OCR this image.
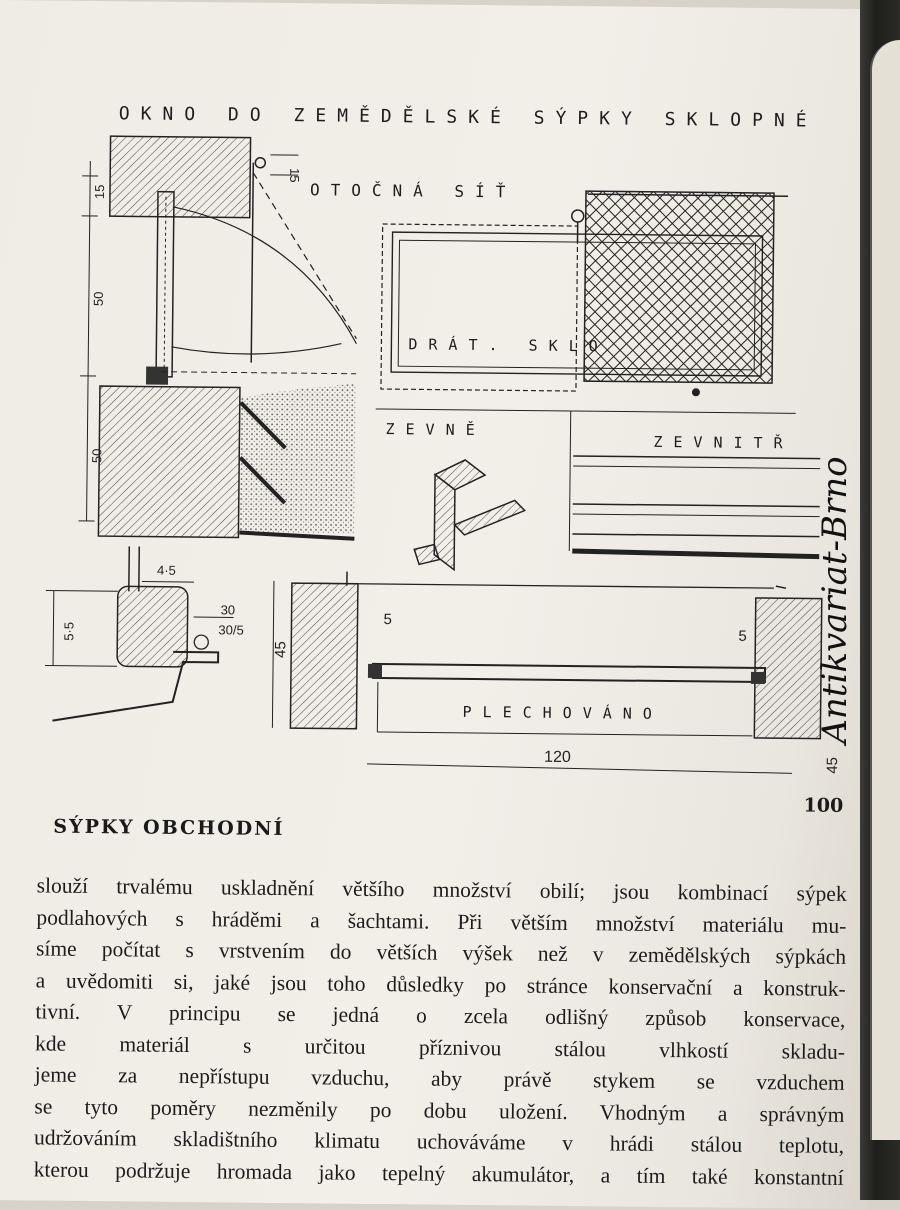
OKNO DO ZEMĚDĚLSKÉ SÝPKY SKLOPNÉ
15
50
50
15
OTOČNÁ SÍŤ
DRÁT. SKLO
ZEVNĚ
ZEVNITŘ
5·5
4·5
30
30/5
45
5
5
PLECHOVÁNO
120	45
100
SÝPKY OBCHODNÍ
slouží trvalému uskladnění většího množství obilí; jsou kombinací sýpek
podlahových s hráděmi a šachtami. Při větším množství materiálu mu-
síme počítat s vrstvením do větších výšek než v zemědělských sýpkách
a uvědomiti si, jaké jsou toho důsledky po stránce konservační a konstruk-
tivní. V principu se jedná o zcela odlišný způsob konservace,
kde materiál s určitou příznivou stálou vlhkostí skladu-
jeme za nepřístupu vzduchu, aby právě stykem se vzduchem
se tyto poměry nezměnily po dobu uložení. Vhodným a správným
udržováním skladištního klimatu uchováváme v hrádi stálou teplotu,
kterou podržuje hromada jako tepelný akumulátor, a tím také konstantní
Antikvariat-Brno
